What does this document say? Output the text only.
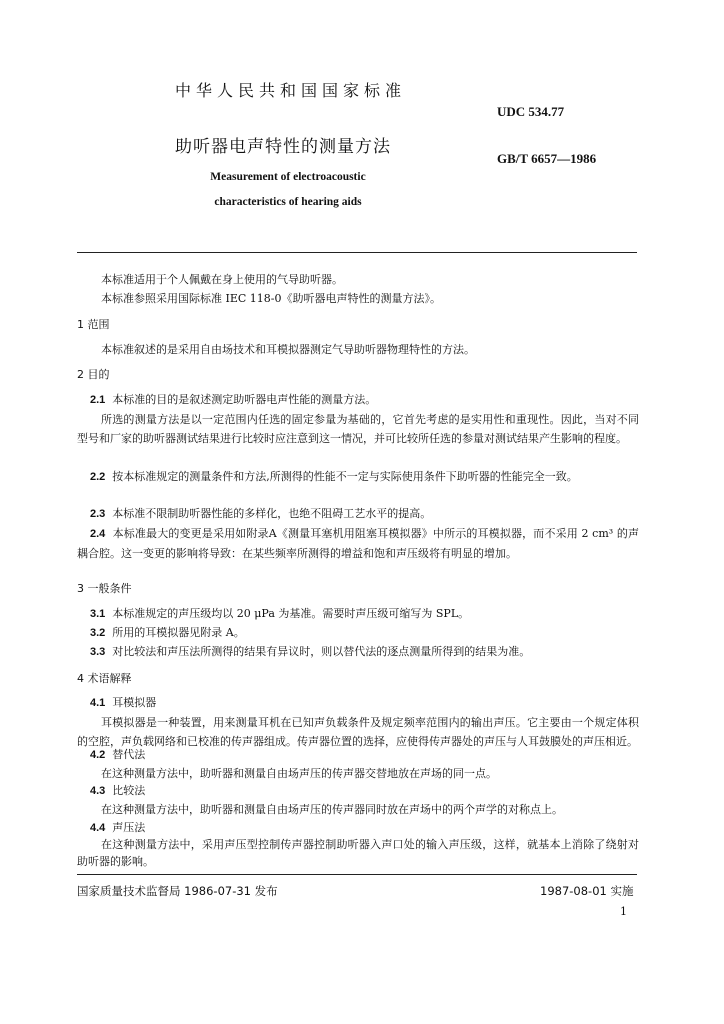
中华人民共和国国家标准
UDC 534.77
助听器电声特性的测量方法
GB/T 6657—1986
Measurement of electroacoustic
characteristics of hearing aids
本标准适用于个人佩戴在身上使用的气导助听器。
本标准参照采用国际标准 IEC 118-0《助听器电声特性的测量方法》。
1 范围
本标准叙述的是采用自由场技术和耳模拟器测定气导助听器物理特性的方法。
2 目的
2.1 本标准的目的是叙述测定助听器电声性能的测量方法。
所选的测量方法是以一定范围内任选的固定参量为基础的，它首先考虑的是实用性和重现性。因此，当对不同型号和厂家的助听器测试结果进行比较时应注意到这一情况，并可比较所任选的参量对测试结果产生影响的程度。
2.2 按本标准规定的测量条件和方法,所测得的性能不一定与实际使用条件下助听器的性能完全一致。
2.3 本标准不限制助听器性能的多样化，也绝不阻碍工艺水平的提高。
2.4 本标准最大的变更是采用如附录A《测量耳塞机用阻塞耳模拟器》中所示的耳模拟器，而不采用 2 cm³ 的声耦合腔。这一变更的影响将导致：在某些频率所测得的增益和饱和声压级将有明显的增加。
3 一般条件
3.1 本标准规定的声压级均以 20 μPa 为基准。需要时声压级可缩写为 SPL。
3.2 所用的耳模拟器见附录 A。
3.3 对比较法和声压法所测得的结果有异议时，则以替代法的逐点测量所得到的结果为准。
4 术语解释
4.1 耳模拟器
耳模拟器是一种装置，用来测量耳机在已知声负载条件及规定频率范围内的输出声压。它主要由一个规定体积的空腔，声负载网络和已校准的传声器组成。传声器位置的选择，应使得传声器处的声压与人耳鼓膜处的声压相近。
4.2 替代法
在这种测量方法中，助听器和测量自由场声压的传声器交替地放在声场的同一点。
4.3 比较法
在这种测量方法中，助听器和测量自由场声压的传声器同时放在声场中的两个声学的对称点上。
4.4 声压法
国家质量技术监督局 1986-07-31 发布	1987-08-01 实施
1
在这种测量方法中，采用声压型控制传声器控制助听器入声口处的输入声压级，这样，就基本上消除了绕射对助听器的影响。
